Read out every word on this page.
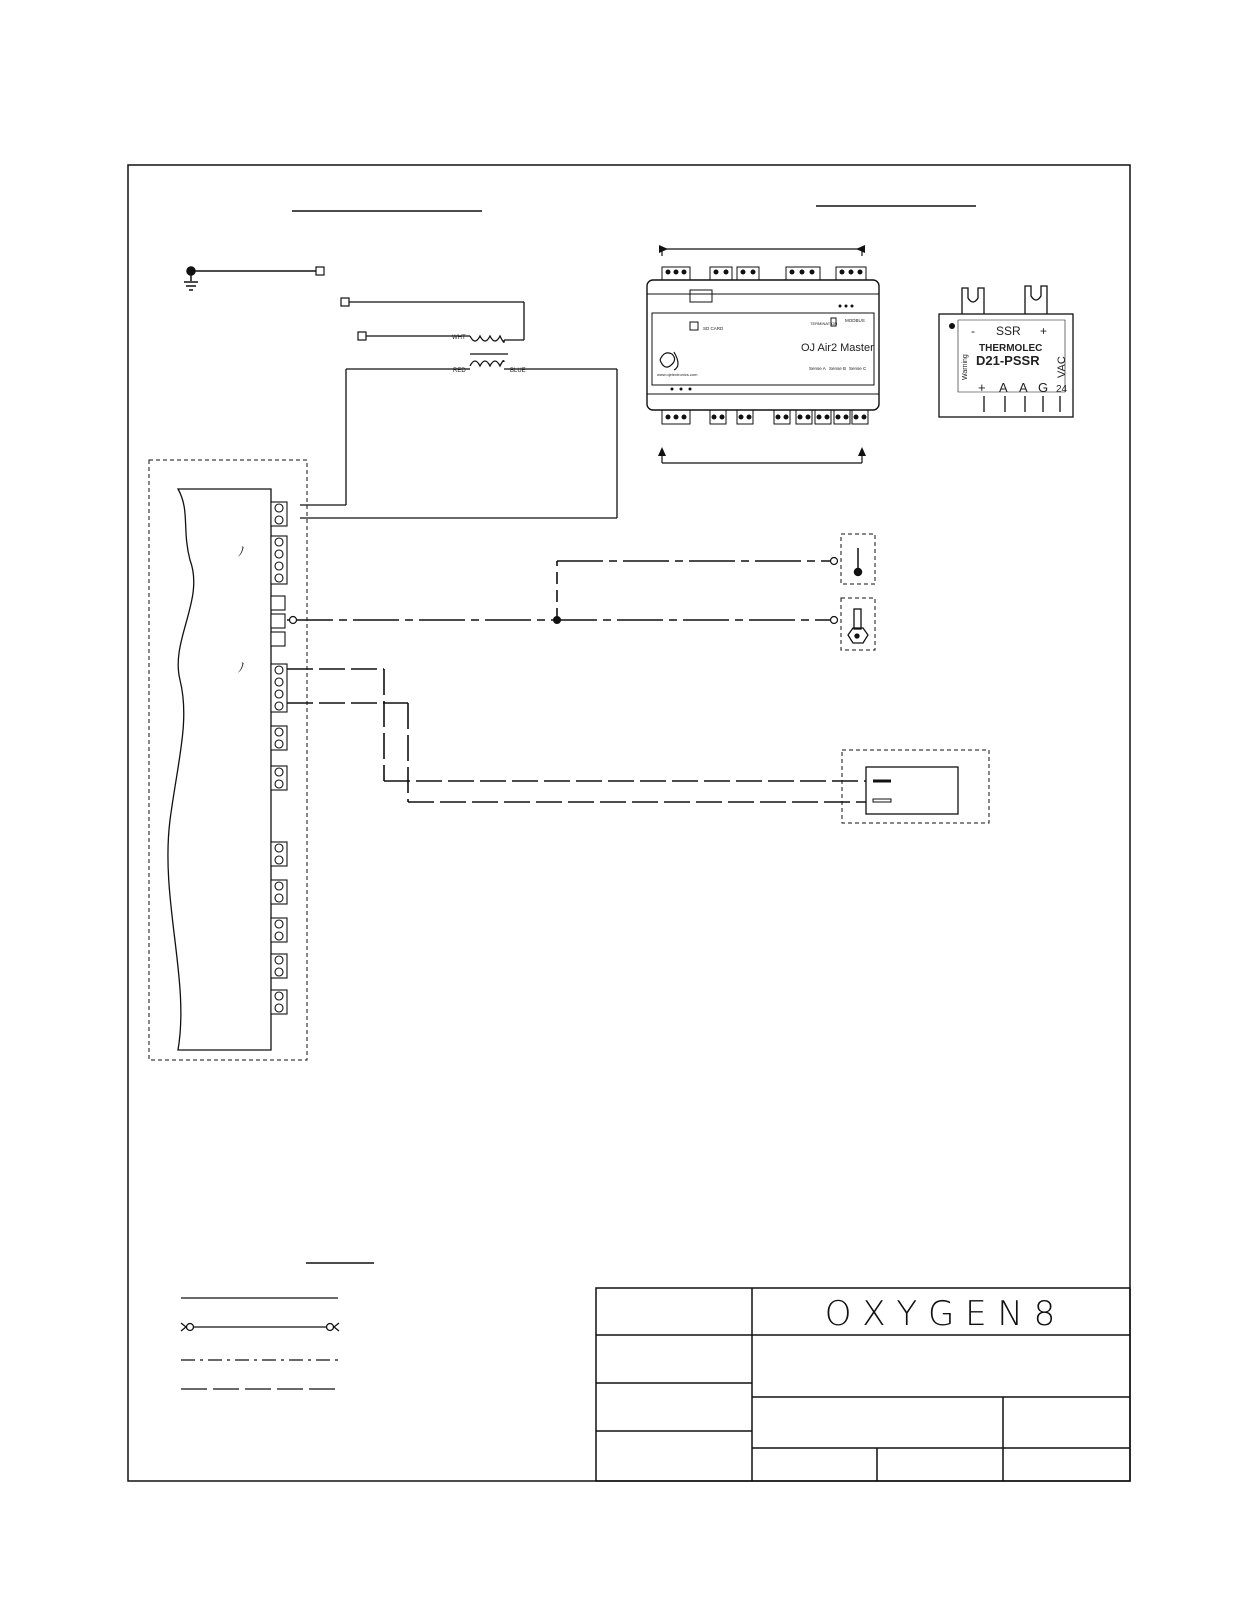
WHT
RED	BLUE
ﾉ
ﾉ
OJ Air2 Master
SD CARD
MODBUS
TERMINATION
www.ojelectronics.com
Sense A Sense B Sense C
- SSR +
THERMOLEC
D21-PSSR
Warning	VAC
+ A A G 24
O X Y G E N 8
